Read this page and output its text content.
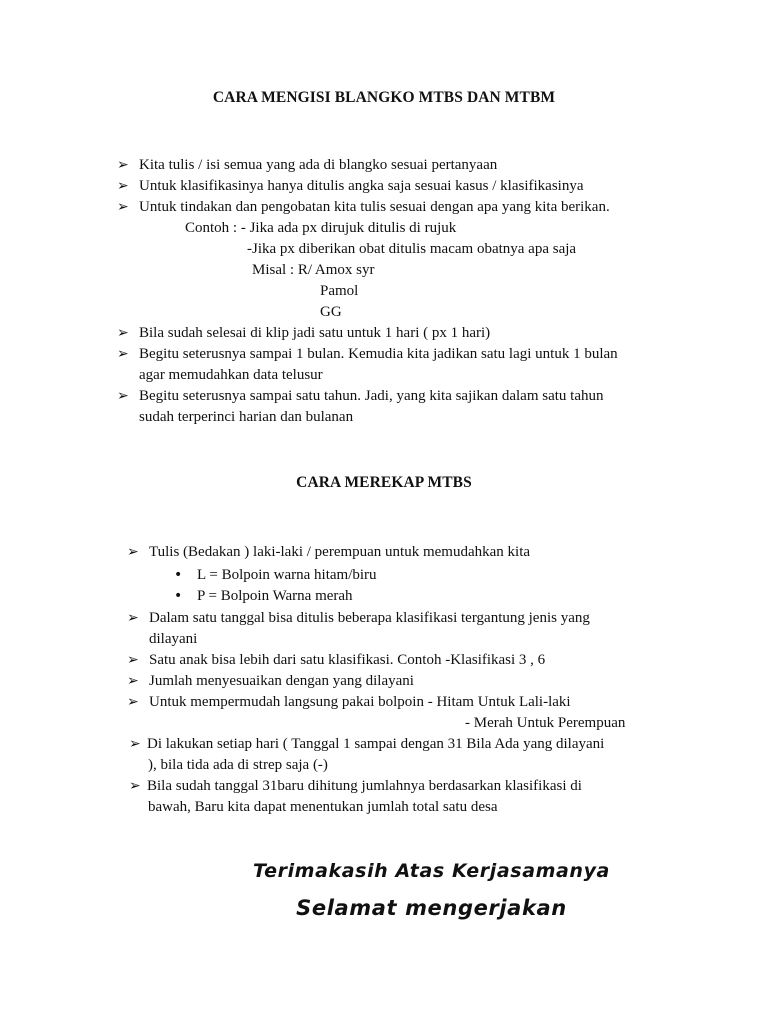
CARA MENGISI BLANGKO MTBS DAN MTBM
➢ Kita tulis / isi semua yang ada di blangko sesuai pertanyaan
➢ Untuk klasifikasinya hanya ditulis angka saja sesuai kasus / klasifikasinya
➢ Untuk tindakan dan pengobatan kita tulis sesuai dengan apa yang kita berikan.
Contoh : - Jika ada px dirujuk ditulis di rujuk
-Jika px diberikan obat ditulis macam obatnya apa saja
Misal : R/ Amox syr
Pamol
GG
➢ Bila sudah selesai di klip jadi satu untuk 1 hari ( px 1 hari)
➢ Begitu seterusnya sampai 1 bulan. Kemudia kita jadikan satu lagi untuk 1 bulan
agar memudahkan data telusur
➢ Begitu seterusnya sampai satu tahun. Jadi, yang kita sajikan dalam satu tahun
sudah terperinci harian dan bulanan
CARA MEREKAP MTBS
➢ Tulis (Bedakan ) laki-laki / perempuan untuk memudahkan kita
• L = Bolpoin warna hitam/biru
• P = Bolpoin Warna merah
➢ Dalam satu tanggal bisa ditulis beberapa klasifikasi tergantung jenis yang
dilayani
➢ Satu anak bisa lebih dari satu klasifikasi. Contoh -Klasifikasi 3 , 6
➢ Jumlah menyesuaikan dengan yang dilayani
➢ Untuk mempermudah langsung pakai bolpoin - Hitam Untuk Lali-laki
- Merah Untuk Perempuan
➢ Di lakukan setiap hari ( Tanggal 1 sampai dengan 31 Bila Ada yang dilayani
), bila tida ada di strep saja (-)
➢ Bila sudah tanggal 31baru dihitung jumlahnya berdasarkan klasifikasi di
bawah, Baru kita dapat menentukan jumlah total satu desa
Terimakasih Atas Kerjasamanya
Selamat mengerjakan
